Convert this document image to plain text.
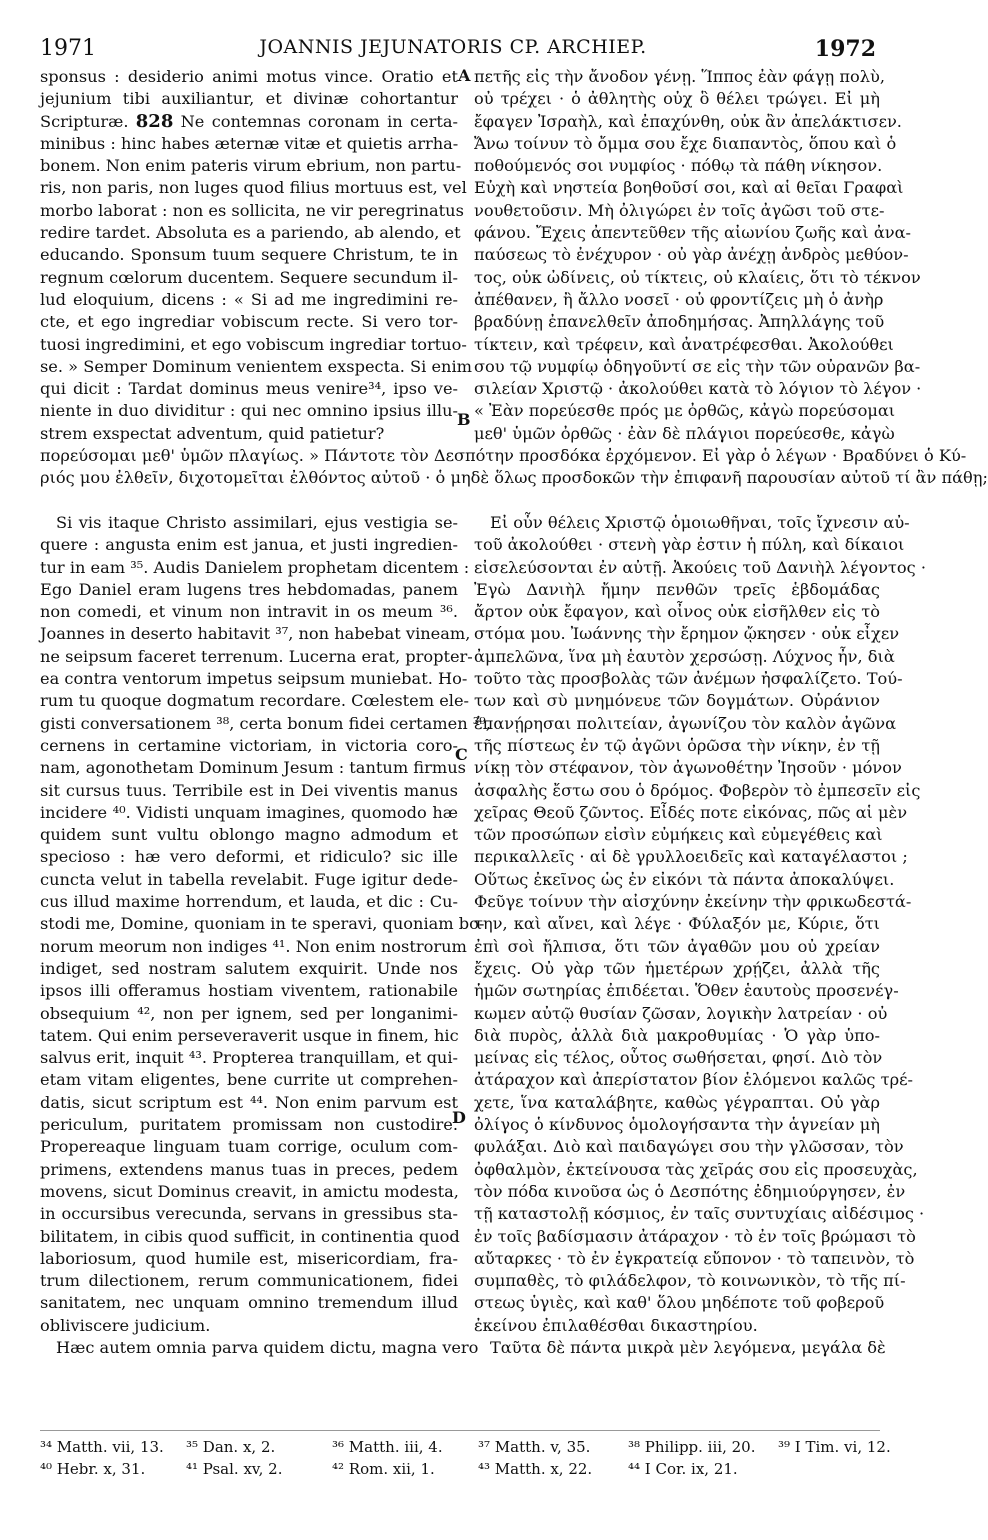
1971	JOANNIS JEJUNATORIS CP. ARCHIEP.	1972
sponsus : desiderio animi motus vince. Oratio et
jejunium tibi auxiliantur, et divinæ cohortantur
Scripturæ. 828 Ne contemnas coronam in certa-
minibus : hinc habes æternæ vitæ et quietis arrha-
bonem. Non enim pateris virum ebrium, non partu-
ris, non paris, non luges quod filius mortuus est, vel
morbo laborat : non es sollicita, ne vir peregrinatus
redire tardet. Absoluta es a pariendo, ab alendo, et
educando. Sponsum tuum sequere Christum, te in
regnum cœlorum ducentem. Sequere secundum il-
lud eloquium, dicens : « Si ad me ingredimini re-
cte, et ego ingrediar vobiscum recte. Si vero tor-
tuosi ingredimini, et ego vobiscum ingrediar tortuo-
se. » Semper Dominum venientem exspecta. Si enim
qui dicit : Tardat dominus meus venire³⁴, ipso ve-
niente in duo dividitur : qui nec omnino ipsius illu-
strem exspectat adventum, quid patietur?
πετῆς εἰς τὴν ἄνοδον γένῃ. Ἵππος ἐὰν φάγῃ πολὺ,
οὐ τρέχει · ὁ ἀθλητὴς οὐχ ὃ θέλει τρώγει. Εἰ μὴ
ἔφαγεν Ἰσραὴλ, καὶ ἐπαχύνθη, οὐκ ἂν ἀπελάκτισεν.
Ἄνω τοίνυν τὸ ὄμμα σου ἔχε διαπαντὸς, ὅπου καὶ ὁ
ποθούμενός σοι νυμφίος · πόθῳ τὰ πάθη νίκησον.
Εὐχὴ καὶ νηστεία βοηθοῦσί σοι, καὶ αἱ θεῖαι Γραφαὶ
νουθετοῦσιν. Μὴ ὀλιγώρει ἐν τοῖς ἀγῶσι τοῦ στε-
φάνου. Ἔχεις ἀπεντεῦθεν τῆς αἰωνίου ζωῆς καὶ ἀνα-
παύσεως τὸ ἐνέχυρον · οὐ γὰρ ἀνέχῃ ἀνδρὸς μεθύον-
τος, οὐκ ὠδίνεις, οὐ τίκτεις, οὐ κλαίεις, ὅτι τὸ τέκνον
ἀπέθανεν, ἢ ἄλλο νοσεῖ · οὐ φροντίζεις μὴ ὁ ἀνὴρ
βραδύνῃ ἐπανελθεῖν ἀποδημήσας. Ἀπηλλάγης τοῦ
τίκτειν, καὶ τρέφειν, καὶ ἀνατρέφεσθαι. Ἀκολούθει
σου τῷ νυμφίῳ ὁδηγοῦντί σε εἰς τὴν τῶν οὐρανῶν βα-
σιλείαν Χριστῷ · ἀκολούθει κατὰ τὸ λόγιον τὸ λέγον ·
« Ἐὰν πορεύεσθε πρός με ὀρθῶς, κἀγὼ πορεύσομαι
μεθ' ὑμῶν ὀρθῶς · ἐὰν δὲ πλάγιοι πορεύεσθε, κἀγὼ
πορεύσομαι μεθ' ὑμῶν πλαγίως. » Πάντοτε τὸν Δεσπότην προσδόκα ἐρχόμενον. Εἰ γὰρ ὁ λέγων · Βραδύνει ὁ Κύ-
ριός μου ἐλθεῖν, διχοτομεῖται ἐλθόντος αὐτοῦ · ὁ μηδὲ ὅλως προσδοκῶν τὴν ἐπιφανῆ παρουσίαν αὐτοῦ τί ἂν πάθῃ;
Si vis itaque Christo assimilari, ejus vestigia se-
quere : angusta enim est janua, et justi ingredien-
tur in eam ³⁵. Audis Danielem prophetam dicentem :
Ego Daniel eram lugens tres hebdomadas, panem
non comedi, et vinum non intravit in os meum ³⁶.
Joannes in deserto habitavit ³⁷, non habebat vineam,
ne seipsum faceret terrenum. Lucerna erat, propter-
ea contra ventorum impetus seipsum muniebat. Ho-
rum tu quoque dogmatum recordare. Cœlestem ele-
gisti conversationem ³⁸, certa bonum fidei certamen ³⁹,
cernens in certamine victoriam, in victoria coro-
nam, agonothetam Dominum Jesum : tantum firmus
sit cursus tuus. Terribile est in Dei viventis manus
incidere ⁴⁰. Vidisti unquam imagines, quomodo hæ
quidem sunt vultu oblongo magno admodum et
specioso : hæ vero deformi, et ridiculo? sic ille
cuncta velut in tabella revelabit. Fuge igitur dede-
cus illud maxime horrendum, et lauda, et dic : Cu-
stodi me, Domine, quoniam in te speravi, quoniam bo-
norum meorum non indiges ⁴¹. Non enim nostrorum
indiget, sed nostram salutem exquirit. Unde nos
ipsos illi offeramus hostiam viventem, rationabile
obsequium ⁴², non per ignem, sed per longanimi-
tatem. Qui enim perseveraverit usque in finem, hic
salvus erit, inquit ⁴³. Propterea tranquillam, et qui-
etam vitam eligentes, bene currite ut comprehen-
datis, sicut scriptum est ⁴⁴. Non enim parvum est
periculum, puritatem promissam non custodire.
Propereaque linguam tuam corrige, oculum com-
primens, extendens manus tuas in preces, pedem
movens, sicut Dominus creavit, in amictu modesta,
in occursibus verecunda, servans in gressibus sta-
bilitatem, in cibis quod sufficit, in continentia quod
laboriosum, quod humile est, misericordiam, fra-
trum dilectionem, rerum communicationem, fidei
sanitatem, nec unquam omnino tremendum illud
obliviscere judicium.
Hæc autem omnia parva quidem dictu, magna vero
Εἰ οὖν θέλεις Χριστῷ ὁμοιωθῆναι, τοῖς ἴχνεσιν αὐ-
τοῦ ἀκολούθει · στενὴ γὰρ ἐστιν ἡ πύλη, καὶ δίκαιοι
εἰσελεύσονται ἐν αὐτῇ. Ἀκούεις τοῦ Δανιὴλ λέγοντος ·
Ἐγὼ Δανιὴλ ἤμην πενθῶν τρεῖς ἑβδομάδας
ἄρτον οὐκ ἔφαγον, καὶ οἶνος οὐκ εἰσῆλθεν εἰς τὸ
στόμα μου. Ἰωάννης τὴν ἔρημον ᾤκησεν · οὐκ εἶχεν
ἀμπελῶνα, ἵνα μὴ ἑαυτὸν χερσώσῃ. Λύχνος ἦν, διὰ
τοῦτο τὰς προσβολὰς τῶν ἀνέμων ἠσφαλίζετο. Τού-
των καὶ σὺ μνημόνευε τῶν δογμάτων. Οὐράνιον
ἐπανῄρησαι πολιτείαν, ἀγωνίζου τὸν καλὸν ἀγῶνα
τῆς πίστεως ἐν τῷ ἀγῶνι ὁρῶσα τὴν νίκην, ἐν τῇ
νίκῃ τὸν στέφανον, τὸν ἀγωνοθέτην Ἰησοῦν · μόνον
ἀσφαλὴς ἔστω σου ὁ δρόμος. Φοβερὸν τὸ ἐμπεσεῖν εἰς
χεῖρας Θεοῦ ζῶντος. Εἶδές ποτε εἰκόνας, πῶς αἱ μὲν
τῶν προσώπων εἰσὶν εὐμήκεις καὶ εὐμεγέθεις καὶ
περικαλλεῖς · αἱ δὲ γρυλλοειδεῖς καὶ καταγέλαστοι ;
Οὕτως ἐκεῖνος ὡς ἐν εἰκόνι τὰ πάντα ἀποκαλύψει.
Φεῦγε τοίνυν τὴν αἰσχύνην ἐκείνην τὴν φρικωδεστά-
την, καὶ αἴνει, καὶ λέγε · Φύλαξόν με, Κύριε, ὅτι
ἐπὶ σοὶ ἤλπισα, ὅτι τῶν ἀγαθῶν μου οὐ χρείαν
ἔχεις. Οὐ γὰρ τῶν ἡμετέρων χρῄζει, ἀλλὰ τῆς
ἡμῶν σωτηρίας ἐπιδέεται. Ὅθεν ἑαυτοὺς προσενέγ-
κωμεν αὐτῷ θυσίαν ζῶσαν, λογικὴν λατρείαν · οὐ
διὰ πυρὸς, ἀλλὰ διὰ μακροθυμίας · Ὁ γὰρ ὑπο-
μείνας εἰς τέλος, οὗτος σωθήσεται, φησί. Διὸ τὸν
ἀτάραχον καὶ ἀπερίστατον βίον ἑλόμενοι καλῶς τρέ-
χετε, ἵνα καταλάβητε, καθὼς γέγραπται. Οὐ γὰρ
ὀλίγος ὁ κίνδυνος ὁμολογήσαντα τὴν ἁγνείαν μὴ
φυλάξαι. Διὸ καὶ παιδαγώγει σου τὴν γλῶσσαν, τὸν
ὀφθαλμὸν, ἐκτείνουσα τὰς χεῖράς σου εἰς προσευχὰς,
τὸν πόδα κινοῦσα ὡς ὁ Δεσπότης ἐδημιούργησεν, ἐν
τῇ καταστολῇ κόσμιος, ἐν ταῖς συντυχίαις αἰδέσιμος ·
ἐν τοῖς βαδίσμασιν ἀτάραχον · τὸ ἐν τοῖς βρώμασι τὸ
αὔταρκες · τὸ ἐν ἐγκρατείᾳ εὔπονον · τὸ ταπεινὸν, τὸ
συμπαθὲς, τὸ φιλάδελφον, τὸ κοινωνικὸν, τὸ τῆς πί-
στεως ὑγιὲς, καὶ καθ' ὅλου μηδέποτε τοῦ φοβεροῦ
ἐκείνου ἐπιλαθέσθαι δικαστηρίου.
Ταῦτα δὲ πάντα μικρὰ μὲν λεγόμενα, μεγάλα δὲ
A
B
C
D
³⁴ Matth. vii, 13. ³⁵ Dan. x, 2.	³⁶ Matth. iii, 4. ³⁷ Matth. v, 35.	³⁸ Philipp. iii, 20. ³⁹ I Tim. vi, 12.
⁴⁰ Hebr. x, 31.	⁴¹ Psal. xv, 2.	⁴² Rom. xii, 1.	⁴³ Matth. x, 22. ⁴⁴ I Cor. ix, 21.
